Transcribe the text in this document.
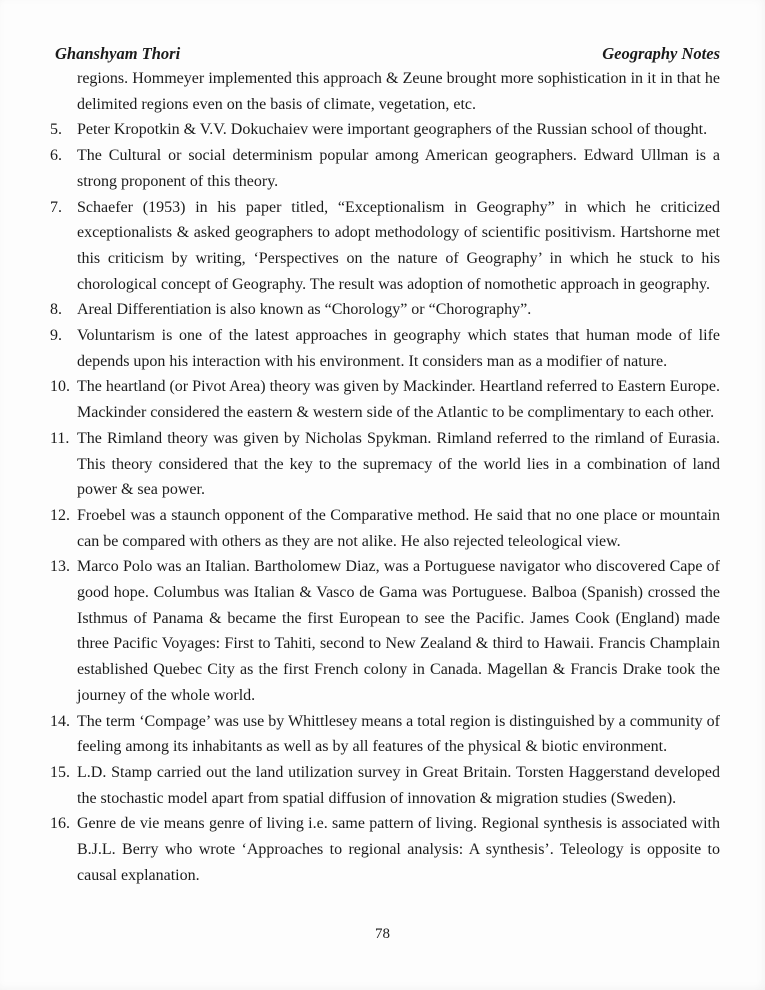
Ghanshyam Thori	Geography Notes

regions. Hommeyer implemented this approach & Zeune brought more sophistication in it in that he delimited regions even on the basis of climate, vegetation, etc.

5. Peter Kropotkin & V.V. Dokuchaiev were important geographers of the Russian school of thought.
6. The Cultural or social determinism popular among American geographers. Edward Ullman is a strong proponent of this theory.
7. Schaefer (1953) in his paper titled, “Exceptionalism in Geography” in which he criticized exceptionalists & asked geographers to adopt methodology of scientific positivism. Hartshorne met this criticism by writing, ‘Perspectives on the nature of Geography’ in which he stuck to his chorological concept of Geography. The result was adoption of nomothetic approach in geography.
8. Areal Differentiation is also known as “Chorology” or “Chorography”.
9. Voluntarism is one of the latest approaches in geography which states that human mode of life depends upon his interaction with his environment. It considers man as a modifier of nature.
10. The heartland (or Pivot Area) theory was given by Mackinder. Heartland referred to Eastern Europe. Mackinder considered the eastern & western side of the Atlantic to be complimentary to each other.
11. The Rimland theory was given by Nicholas Spykman. Rimland referred to the rimland of Eurasia. This theory considered that the key to the supremacy of the world lies in a combination of land power & sea power.
12. Froebel was a staunch opponent of the Comparative method. He said that no one place or mountain can be compared with others as they are not alike. He also rejected teleological view.
13. Marco Polo was an Italian. Bartholomew Diaz, was a Portuguese navigator who discovered Cape of good hope. Columbus was Italian & Vasco de Gama was Portuguese. Balboa (Spanish) crossed the Isthmus of Panama & became the first European to see the Pacific. James Cook (England) made three Pacific Voyages: First to Tahiti, second to New Zealand & third to Hawaii. Francis Champlain established Quebec City as the first French colony in Canada. Magellan & Francis Drake took the journey of the whole world.
14. The term ‘Compage’ was use by Whittlesey means a total region is distinguished by a community of feeling among its inhabitants as well as by all features of the physical & biotic environment.
15. L.D. Stamp carried out the land utilization survey in Great Britain. Torsten Haggerstand developed the stochastic model apart from spatial diffusion of innovation & migration studies (Sweden).
16. Genre de vie means genre of living i.e. same pattern of living. Regional synthesis is associated with B.J.L. Berry who wrote ‘Approaches to regional analysis: A synthesis’. Teleology is opposite to causal explanation.
78
